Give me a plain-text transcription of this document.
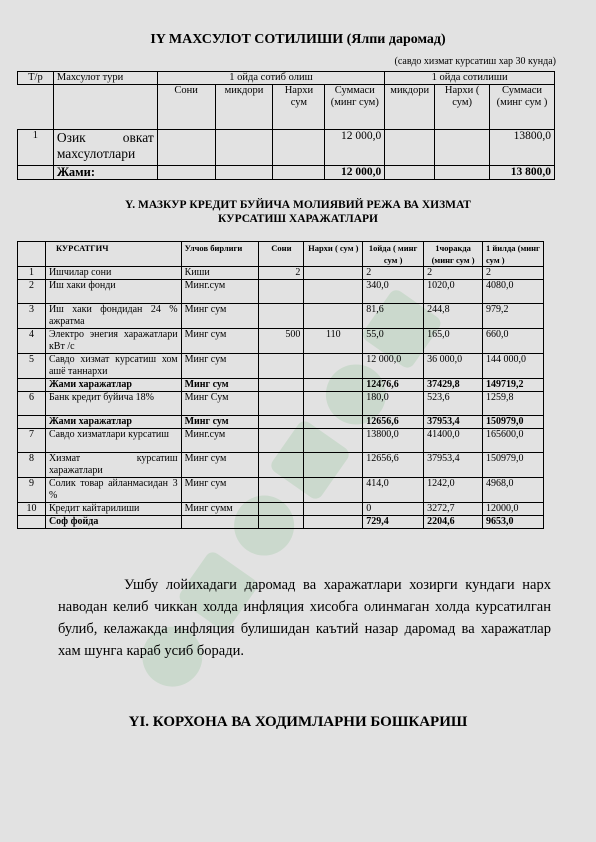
IY МАХСУЛОТ СОТИЛИШИ (Ялпи даромад)
(савдо хизмат курсатиш хар 30 кунда)
Т/р	Махсулот тури	1 ойда сотиб олиш				1 ойда сотилиши		
		Сони	микдори	Нархи сум	Суммаси (минг сум)	микдори	Нархи ( сум)	Суммаси (минг сум )
1	Озик овкат махсулотлари				12 000,0			13800,0
	Жами:				12 000,0			13 800,0
Y. МАЗКУР КРЕДИТ БУЙИЧА МОЛИЯВИЙ РЕЖА ВА ХИЗМАТ
КУРСАТИШ ХАРАЖАТЛАРИ
	КУРСАТГИЧ	Улчов бирлиги	Сони	Нархи ( сум )	1ойда ( минг сум )	1чоракда (минг сум )	1 йилда (минг сум )
1	Ишчилар сони	Киши	2		2	2	2
2	Иш хаки фонди	Минг.сум			340,0	1020,0	4080,0
3	Иш хаки фондидан 24 % ажратма	Минг сум			81,6	244,8	979,2
4	Электро энегия харажатлари кВт /с	Минг сум	500	110	55,0	165,0	660,0
5	Савдо хизмат курсатиш хом ашё таннархи	Минг сум			12 000,0	36 000,0	144 000,0
	Жами харажатлар	Минг сум			12476,6	37429,8	149719,2
6	Банк кредит буйича 18%	Минг Сум			180,0	523,6	1259,8
	Жами харажатлар	Минг сум			12656,6	37953,4	150979,0
7	Савдо хизматлари курсатиш	Минг.сум			13800,0	41400,0	165600,0
8	Хизмат курсатиш харажатлари	Минг сум			12656,6	37953,4	150979,0
9	Солик товар айланмасидан 3 %	Минг сум			414,0	1242,0	4968,0
10	Кредит кайтарилиши	Минг сумм			0	3272,7	12000,0
	Соф фойда				729,4	2204,6	9653,0

Ушбу лойихадаги даромад ва харажатлари хозирги кундаги нарх наводан келиб чиккан холда инфляция хисобга олинмаган холда курсатилган булиб, келажакда инфляция булишидан каътий назар даромад ва харажатлар хам шунга караб усиб боради.

YI. КОРХОНА ВА ХОДИМЛАРНИ БОШКАРИШ
